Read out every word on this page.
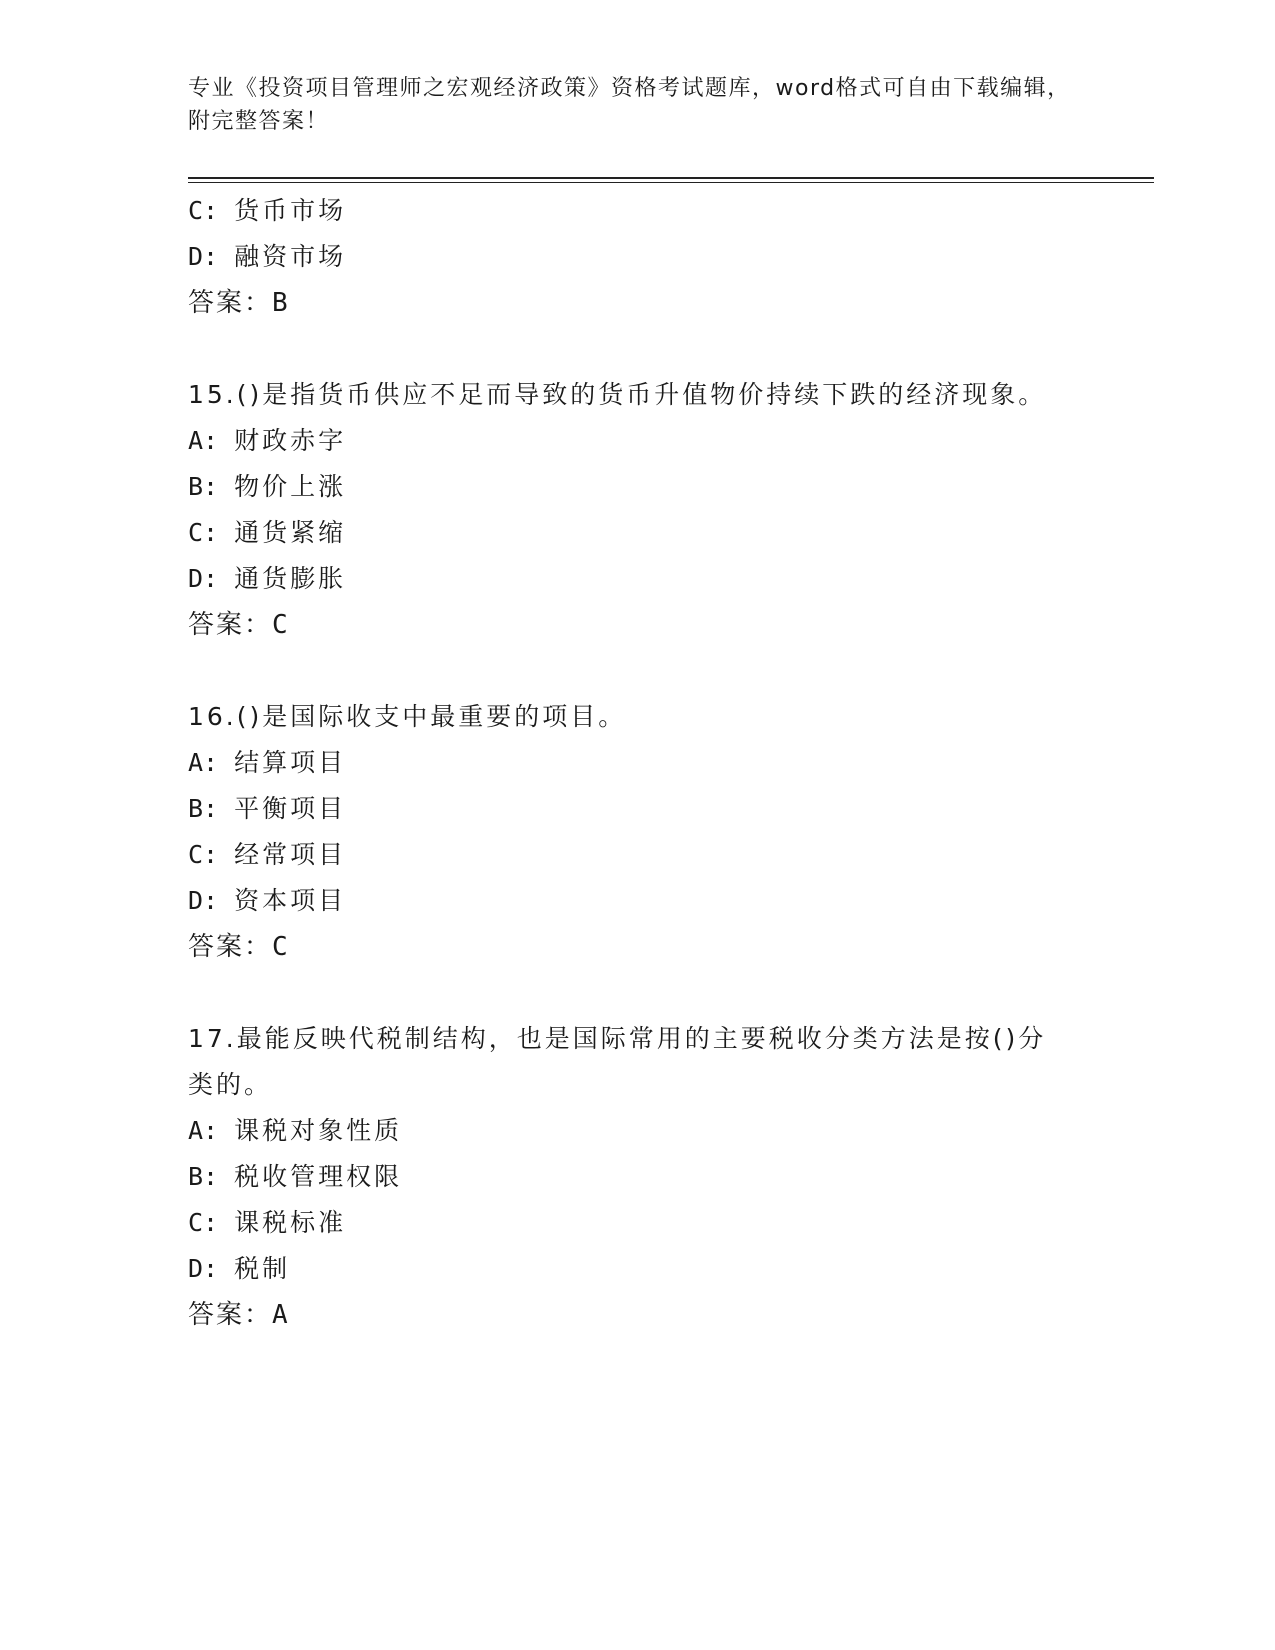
专业《投资项目管理师之宏观经济政策》资格考试题库，word格式可自由下载编辑，附完整答案！
C: 货币市场
D: 融资市场
答案：B
15.()是指货币供应不足而导致的货币升值物价持续下跌的经济现象。
A: 财政赤字
B: 物价上涨
C: 通货紧缩
D: 通货膨胀
答案：C
16.()是国际收支中最重要的项目。
A: 结算项目
B: 平衡项目
C: 经常项目
D: 资本项目
答案：C
17.最能反映代税制结构，也是国际常用的主要税收分类方法是按()分类的。
A: 课税对象性质
B: 税收管理权限
C: 课税标准
D: 税制
答案：A
